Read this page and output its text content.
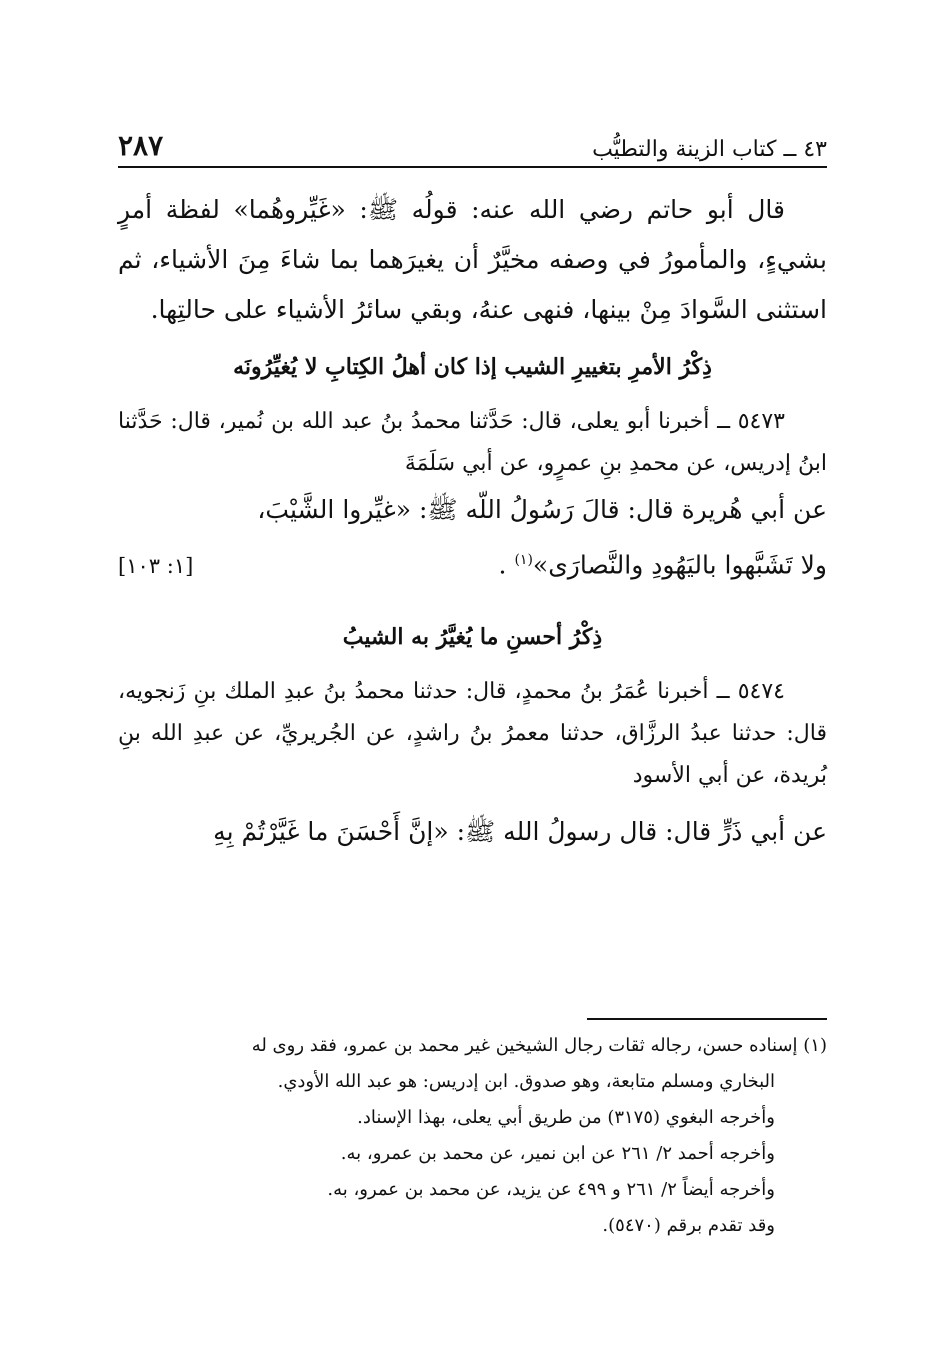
٤٣ ــ كتاب الزينة والتطيُّب
٢٨٧

قال أبو حاتم رضي الله عنه: قولُه ﷺ: «غَيِّروهُما» لفظة أمرٍ بشيءٍ، والمأمورُ في وصفه مخيَّرٌ أن يغيرَهما بما شاءَ مِنَ الأشياء، ثم استثنى السَّوادَ مِنْ بينها، فنهى عنهُ، وبقي سائرُ الأشياء على حالتِها.

ذِكْرُ الأمرِ بتغييرِ الشيب إذا كان أهلُ الكِتابِ لا يُغيِّرُونَه

٥٤٧٣ ــ أخبرنا أبو يعلى، قال: حَدَّثنا محمدُ بنُ عبد الله بن نُمير، قال: حَدَّثنا ابنُ إدريس، عن محمدِ بنِ عمرٍو، عن أبي سَلَمَةَ

عن أبي هُريرة قال: قالَ رَسُولُ اللّه ﷺ: «غيِّروا الشَّيْبَ،

ولا تَشَبَّهوا باليَهُودِ والنَّصارَى»$^{(١)}$ .
[١: ١٠٣]
ذِكْرُ أحسنِ ما يُغيَّرُ به الشيبُ

٥٤٧٤ ــ أخبرنا عُمَرُ بنُ محمدٍ، قال: حدثنا محمدُ بنُ عبدِ الملك بنِ زَنجويه، قال: حدثنا عبدُ الرزَّاق، حدثنا معمرُ بنُ راشدٍ، عن الجُريريِّ، عن عبدِ الله بنِ بُريدة، عن أبي الأسود

عن أبي ذَرٍّ قال: قال رسولُ الله ﷺ: «إنَّ أَحْسَنَ ما غَيَّرْتُمْ بِهِ

(١) إسناده حسن، رجاله ثقات رجال الشيخين غير محمد بن عمرو، فقد روى له

البخاري ومسلم متابعة، وهو صدوق. ابن إدريس: هو عبد الله الأودي.

وأخرجه البغوي (٣١٧٥) من طريق أبي يعلى، بهذا الإسناد.

وأخرجه أحمد ٢/ ٢٦١ عن ابن نمير، عن محمد بن عمرو، به.

وأخرجه أيضاً ٢/ ٢٦١ و ٤٩٩ عن يزيد، عن محمد بن عمرو، به.

وقد تقدم برقم (٥٤٧٠).
